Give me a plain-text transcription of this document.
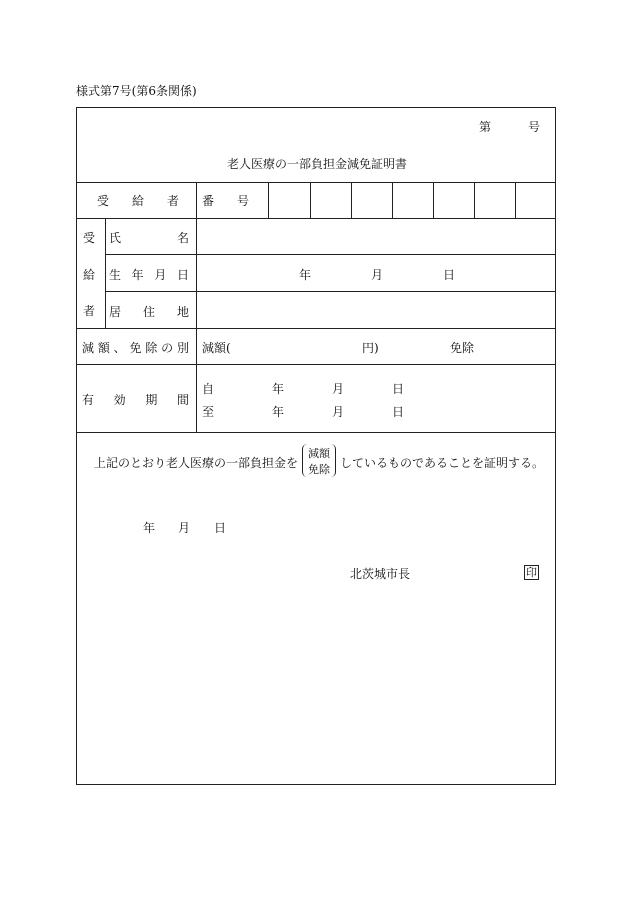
様式第7号(第6条関係)
第	号
老人医療の一部負担金減免証明書
受 給 者 番 号
受
給
者
氏	名
生 年 月 日	年	月	日
居 住 地
減 額 、 免 除 の 別 減額(	円)	免除
有 効 期 間
自	年	月	日
至	年	月	日
上記のとおり老人医療の一部負担金を
減額
免除 しているものであることを証明する。
年 月 日
北茨城市長	印
